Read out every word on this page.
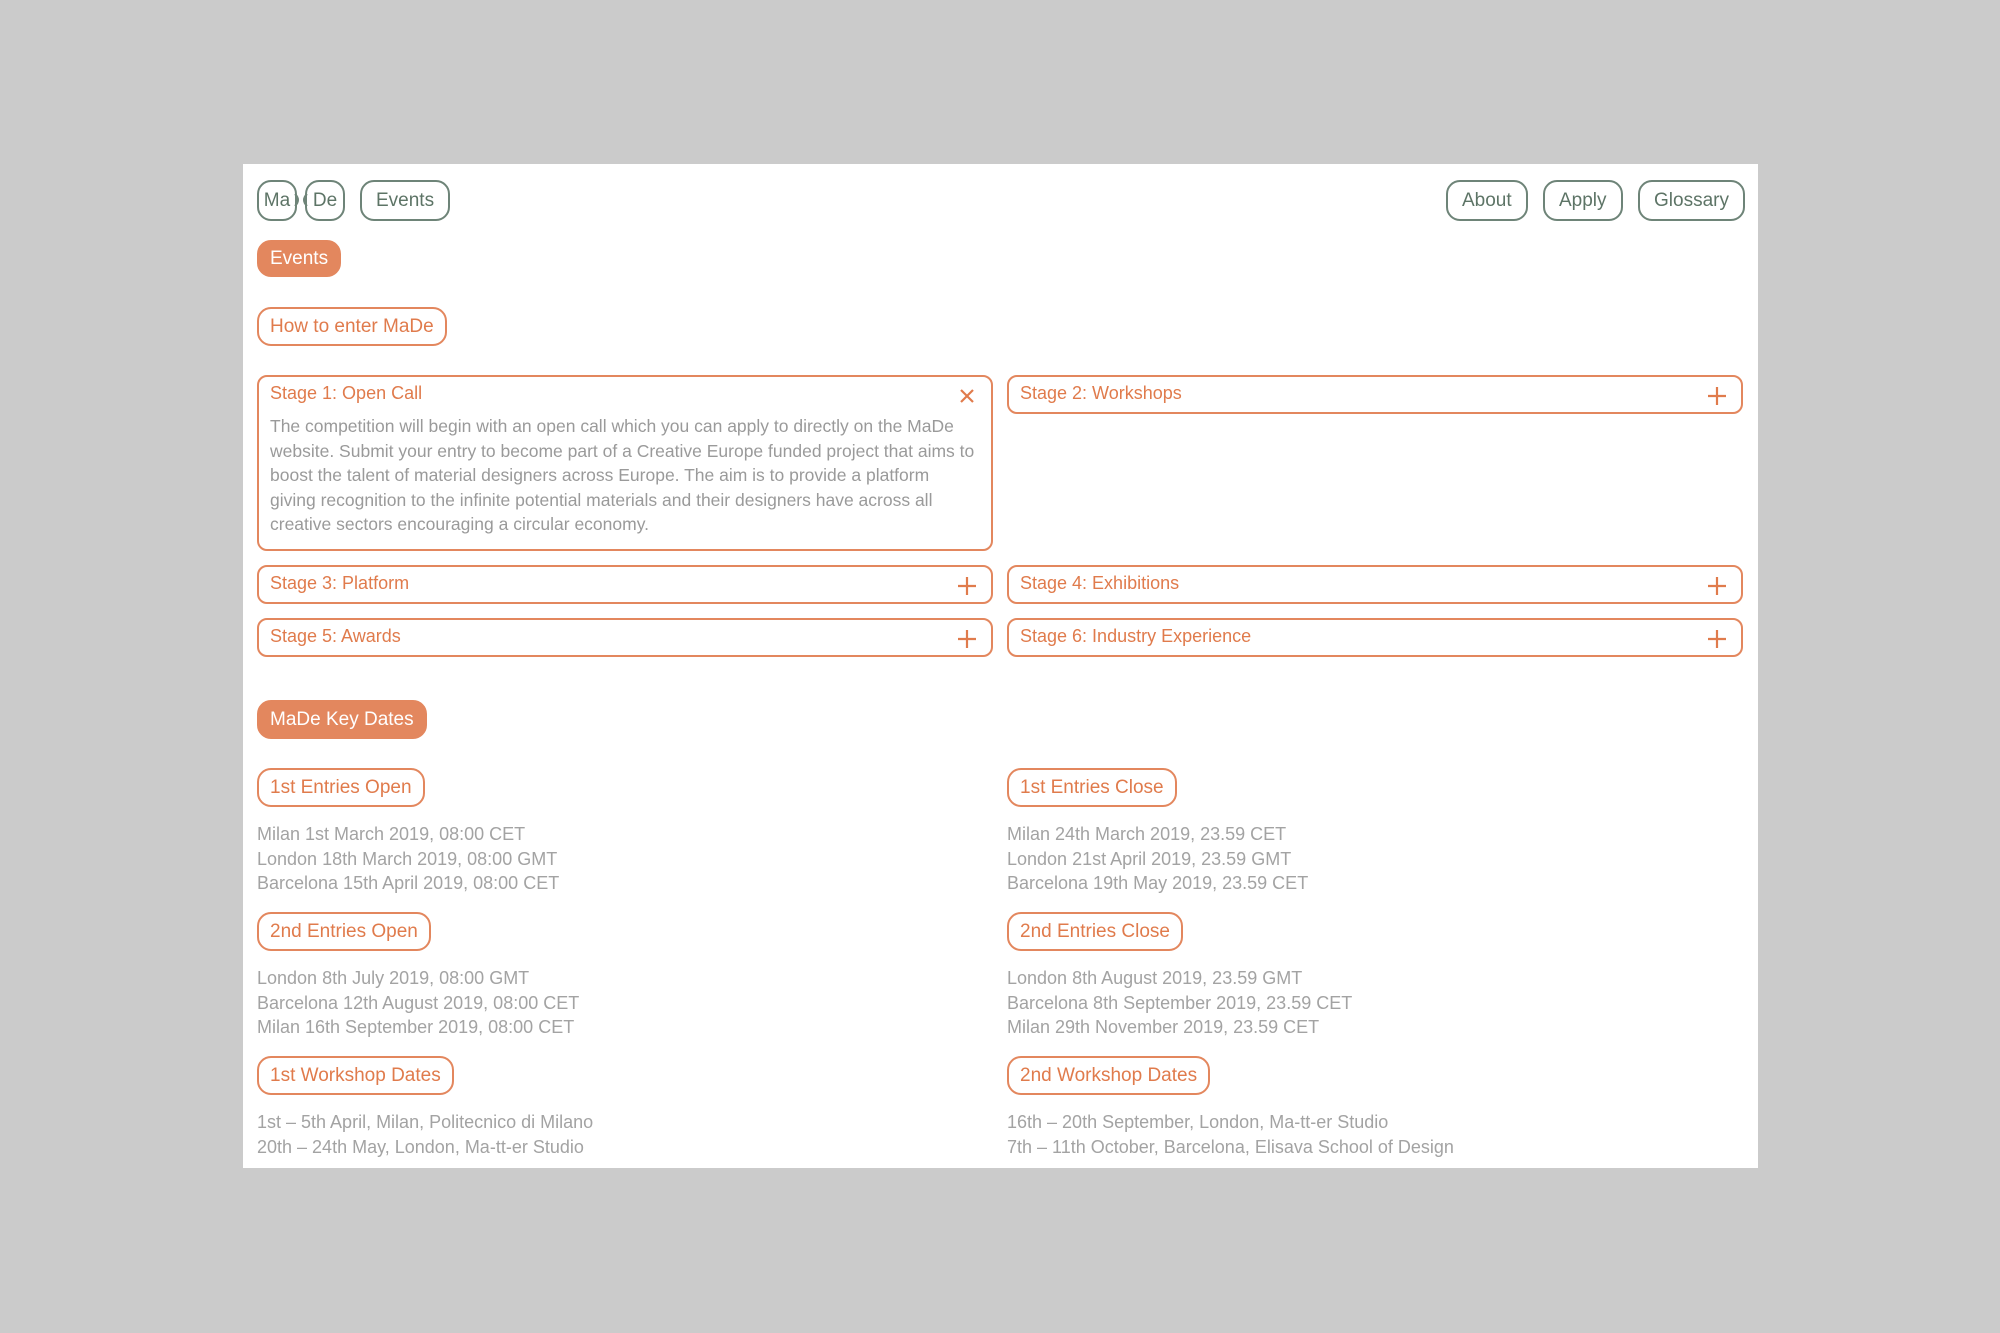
Ma	De	Events	About	Apply	Glossary
Events
How to enter MaDe
Stage 1: Open Call
The competition will begin with an open call which you can apply to directly on the MaDe website. Submit your entry to become part of a Creative Europe funded project that aims to boost the talent of material designers across Europe. The aim is to provide a platform giving recognition to the infinite potential materials and their designers have across all creative sectors encouraging a circular economy.
Stage 2: Workshops
Stage 3: Platform	Stage 4: Exhibitions
Stage 5: Awards	Stage 6: Industry Experience
MaDe Key Dates
1st Entries Open
Milan 1st March 2019, 08:00 CET
London 18th March 2019, 08:00 GMT
Barcelona 15th April 2019, 08:00 CET
1st Entries Close
Milan 24th March 2019, 23.59 CET
London 21st April 2019, 23.59 GMT
Barcelona 19th May 2019, 23.59 CET
2nd Entries Open
London 8th July 2019, 08:00 GMT
Barcelona 12th August 2019, 08:00 CET
Milan 16th September 2019, 08:00 CET
2nd Entries Close
London 8th August 2019, 23.59 GMT
Barcelona 8th September 2019, 23.59 CET
Milan 29th November 2019, 23.59 CET
1st Workshop Dates
1st – 5th April, Milan, Politecnico di Milano
20th – 24th May, London, Ma-tt-er Studio
2nd Workshop Dates
16th – 20th September, London, Ma-tt-er Studio
7th – 11th October, Barcelona, Elisava School of Design
